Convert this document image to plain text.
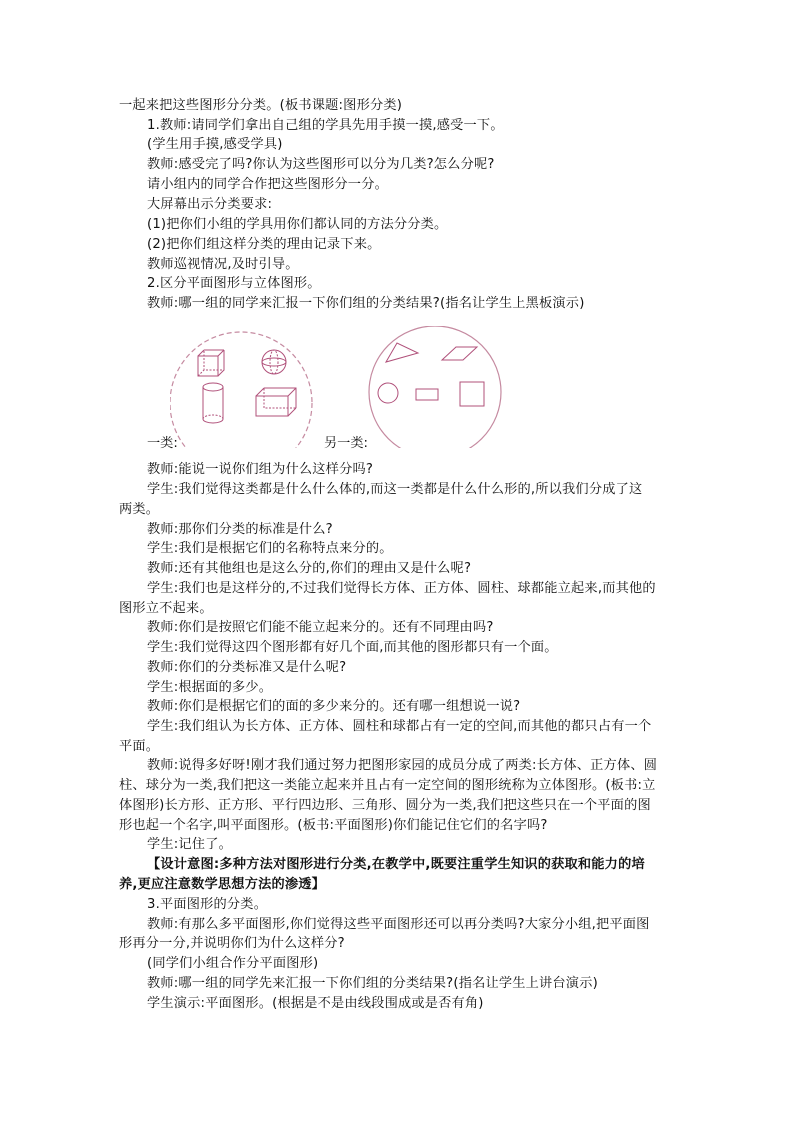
一起来把这些图形分分类。(板书课题:图形分类)
1.教师:请同学们拿出自己组的学具先用手摸一摸,感受一下。
(学生用手摸,感受学具)
教师:感受完了吗?你认为这些图形可以分为几类?怎么分呢?
请小组内的同学合作把这些图形分一分。
大屏幕出示分类要求:
(1)把你们小组的学具用你们都认同的方法分分类。
(2)把你们组这样分类的理由记录下来。
教师巡视情况,及时引导。
2.区分平面图形与立体图形。
教师:哪一组的同学来汇报一下你们组的分类结果?(指名让学生上黑板演示)
一类:	另一类:
教师:能说一说你们组为什么这样分吗?
学生:我们觉得这类都是什么什么体的,而这一类都是什么什么形的,所以我们分成了这
两类。
教师:那你们分类的标准是什么?
学生:我们是根据它们的名称特点来分的。
教师:还有其他组也是这么分的,你们的理由又是什么呢?
学生:我们也是这样分的,不过我们觉得长方体、正方体、圆柱、球都能立起来,而其他的
图形立不起来。
教师:你们是按照它们能不能立起来分的。还有不同理由吗?
学生:我们觉得这四个图形都有好几个面,而其他的图形都只有一个面。
教师:你们的分类标准又是什么呢?
学生:根据面的多少。
教师:你们是根据它们的面的多少来分的。还有哪一组想说一说?
学生:我们组认为长方体、正方体、圆柱和球都占有一定的空间,而其他的都只占有一个
平面。
教师:说得多好呀!刚才我们通过努力把图形家园的成员分成了两类:长方体、正方体、圆
柱、球分为一类,我们把这一类能立起来并且占有一定空间的图形统称为立体图形。(板书:立
体图形)长方形、正方形、平行四边形、三角形、圆分为一类,我们把这些只在一个平面的图
形也起一个名字,叫平面图形。(板书:平面图形)你们能记住它们的名字吗?
学生:记住了。
【设计意图:多种方法对图形进行分类,在教学中,既要注重学生知识的获取和能力的培
养,更应注意数学思想方法的渗透】
3.平面图形的分类。
教师:有那么多平面图形,你们觉得这些平面图形还可以再分类吗?大家分小组,把平面图
形再分一分,并说明你们为什么这样分?
(同学们小组合作分平面图形)
教师:哪一组的同学先来汇报一下你们组的分类结果?(指名让学生上讲台演示)
学生演示:平面图形。(根据是不是由线段围成或是否有角)
